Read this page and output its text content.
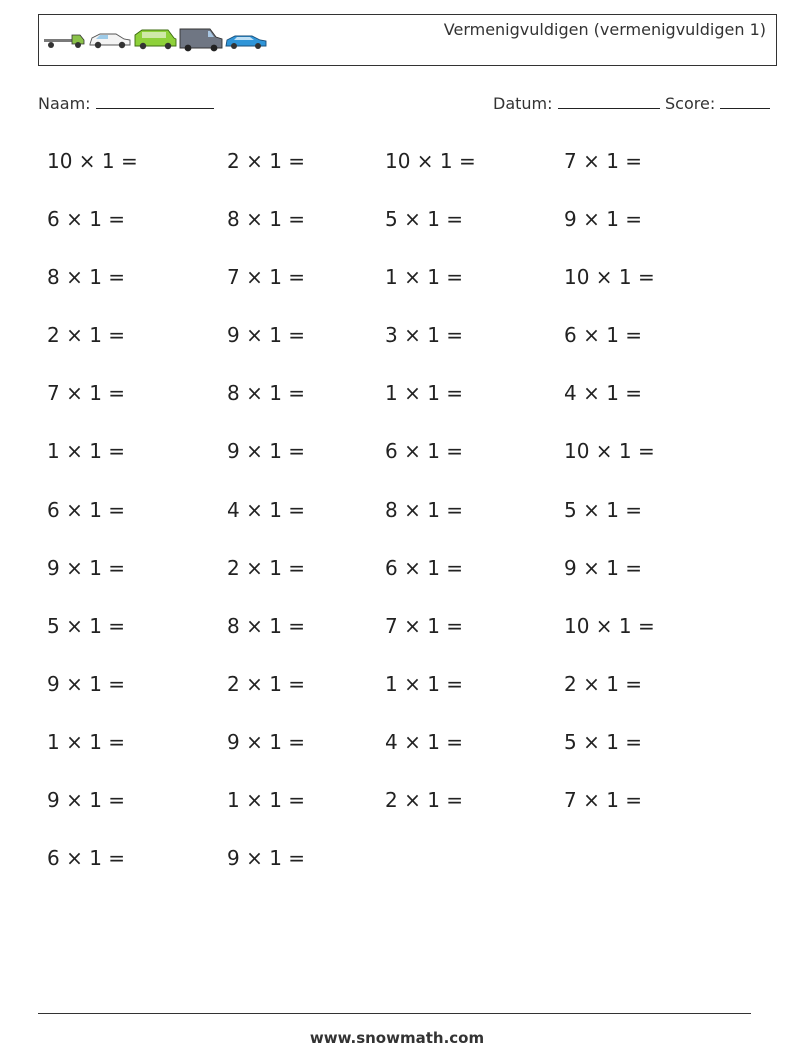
Vermenigvuldigen (vermenigvuldigen 1)
Naam:	Datum:	Score:
10 × 1 =	2 × 1 =	10 × 1 =	7 × 1 =
6 × 1 =	8 × 1 =	5 × 1 =	9 × 1 =
8 × 1 =	7 × 1 =	1 × 1 =	10 × 1 =
2 × 1 =	9 × 1 =	3 × 1 =	6 × 1 =
7 × 1 =	8 × 1 =	1 × 1 =	4 × 1 =
1 × 1 =	9 × 1 =	6 × 1 =	10 × 1 =
6 × 1 =	4 × 1 =	8 × 1 =	5 × 1 =
9 × 1 =	2 × 1 =	6 × 1 =	9 × 1 =
5 × 1 =	8 × 1 =	7 × 1 =	10 × 1 =
9 × 1 =	2 × 1 =	1 × 1 =	2 × 1 =
1 × 1 =	9 × 1 =	4 × 1 =	5 × 1 =
9 × 1 =	1 × 1 =	2 × 1 =	7 × 1 =
6 × 1 =	9 × 1 =
www.snowmath.com
